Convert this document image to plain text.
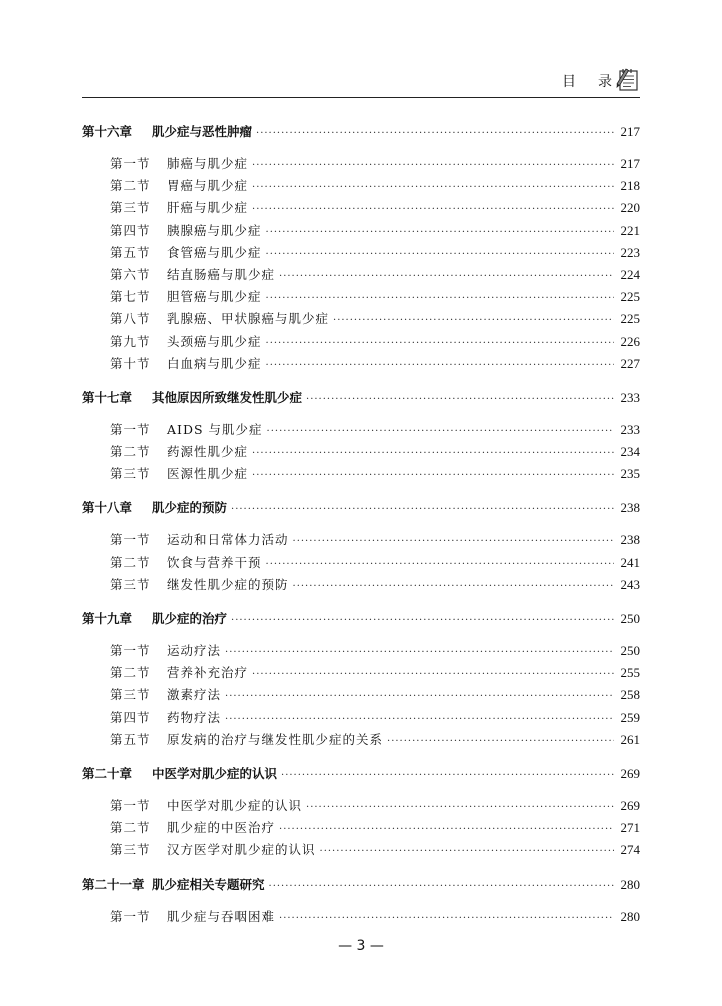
目 录
第十六章	肌少症与恶性肿瘤 ·····	217
第一节	肺癌与肌少症 ·····	217
第二节	胃癌与肌少症 ·····	218
第三节	肝癌与肌少症 ·····	220
第四节	胰腺癌与肌少症 ·····	221
第五节	食管癌与肌少症 ·····	223
第六节	结直肠癌与肌少症 ·····	224
第七节	胆管癌与肌少症 ·····	225
第八节	乳腺癌、甲状腺癌与肌少症 ·····	225
第九节	头颈癌与肌少症 ·····	226
第十节	白血病与肌少症 ·····	227
第十七章	其他原因所致继发性肌少症 ·····	233
第一节	AIDS 与肌少症 ·····	233
第二节	药源性肌少症 ·····	234
第三节	医源性肌少症 ·····	235
第十八章	肌少症的预防 ·····	238
第一节	运动和日常体力活动 ·····	238
第二节	饮食与营养干预 ·····	241
第三节	继发性肌少症的预防 ·····	243
第十九章	肌少症的治疗 ·····	250
第一节	运动疗法 ·····	250
第二节	营养补充治疗 ·····	255
第三节	激素疗法 ·····	258
第四节	药物疗法 ·····	259
第五节	原发病的治疗与继发性肌少症的关系 ·····	261
第二十章	中医学对肌少症的认识 ·····	269
第一节	中医学对肌少症的认识 ·····	269
第二节	肌少症的中医治疗 ·····	271
第三节	汉方医学对肌少症的认识 ·····	274
第二十一章 肌少症相关专题研究 ·····	280
第一节	肌少症与吞咽困难 ·····	280
— 3 —
